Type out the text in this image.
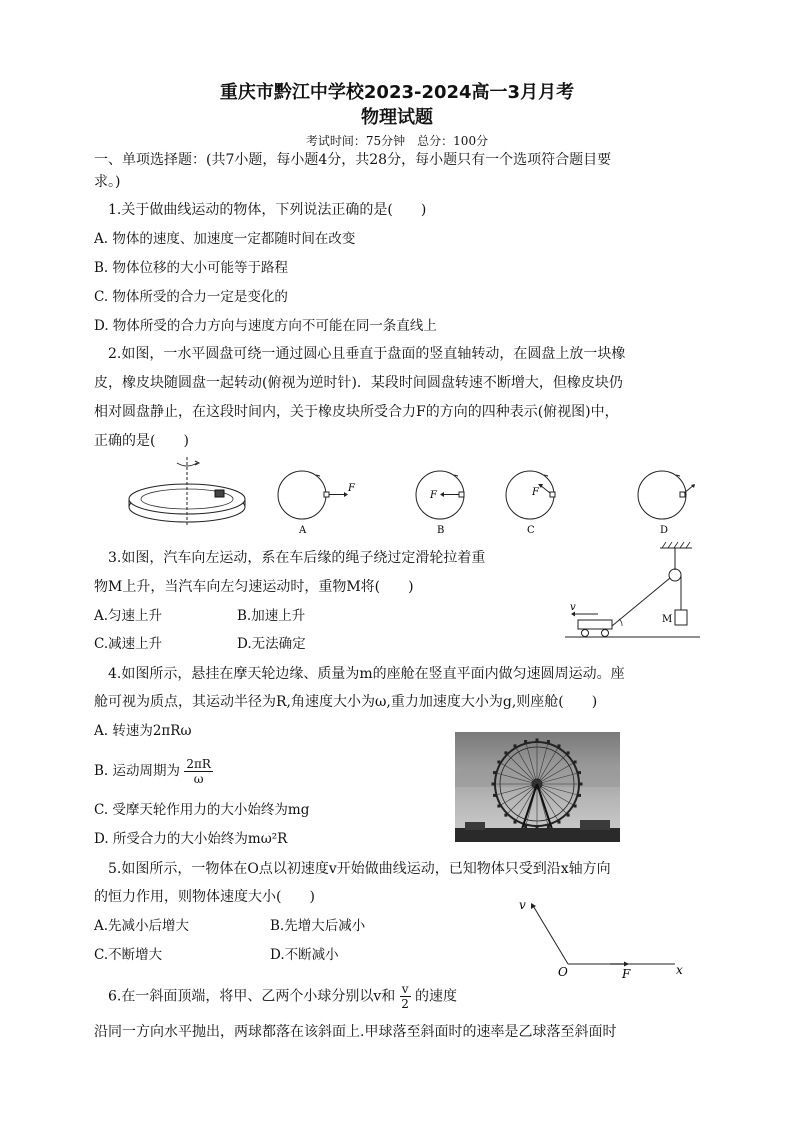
重庆市黔江中学校2023-2024高一3月月考
物理试题
考试时间：75分钟　总分：100分
一、单项选择题：(共7小题，每小题4分，共28分，每小题只有一个选项符合题目要
求。)
1.关于做曲线运动的物体，下列说法正确的是(　　)
A. 物体的速度、加速度一定都随时间在改变
B. 物体位移的大小可能等于路程
C. 物体所受的合力一定是变化的
D. 物体所受的合力方向与速度方向不可能在同一条直线上
2.如图，一水平圆盘可绕一通过圆心且垂直于盘面的竖直轴转动，在圆盘上放一块橡
皮，橡皮块随圆盘一起转动(俯视为逆时针)．某段时间圆盘转速不断增大，但橡皮块仍
相对圆盘静止，在这段时间内，关于橡皮块所受合力F的方向的四种表示(俯视图)中，
正确的是(　　)
F
A
F
B
F
C	D
3.如图，汽车向左运动，系在车后缘的绳子绕过定滑轮拉着重
物M上升，当汽车向左匀速运动时，重物M将(　　)
A.匀速上升	B.加速上升
C.减速上升	D.无法确定
M
v
4.如图所示，悬挂在摩天轮边缘、质量为m的座舱在竖直平面内做匀速圆周运动。座
舱可视为质点，其运动半径为R,角速度大小为ω,重力加速度大小为g,则座舱(　　)
A. 转速为2πRω
B. 运动周期为 $\frac{2\pi R}{\omega}$
C. 受摩天轮作用力的大小始终为mg
D. 所受合力的大小始终为mω²R
5.如图所示，一物体在O点以初速度v开始做曲线运动，已知物体只受到沿x轴方向
的恒力作用，则物体速度大小(　　)
A.先减小后增大	B.先增大后减小
C.不断增大	D.不断减小
v
O	F	x
6.在一斜面顶端，将甲、乙两个小球分别以v和 $\frac{v}{2}$ 的速度
沿同一方向水平抛出，两球都落在该斜面上.甲球落至斜面时的速率是乙球落至斜面时
